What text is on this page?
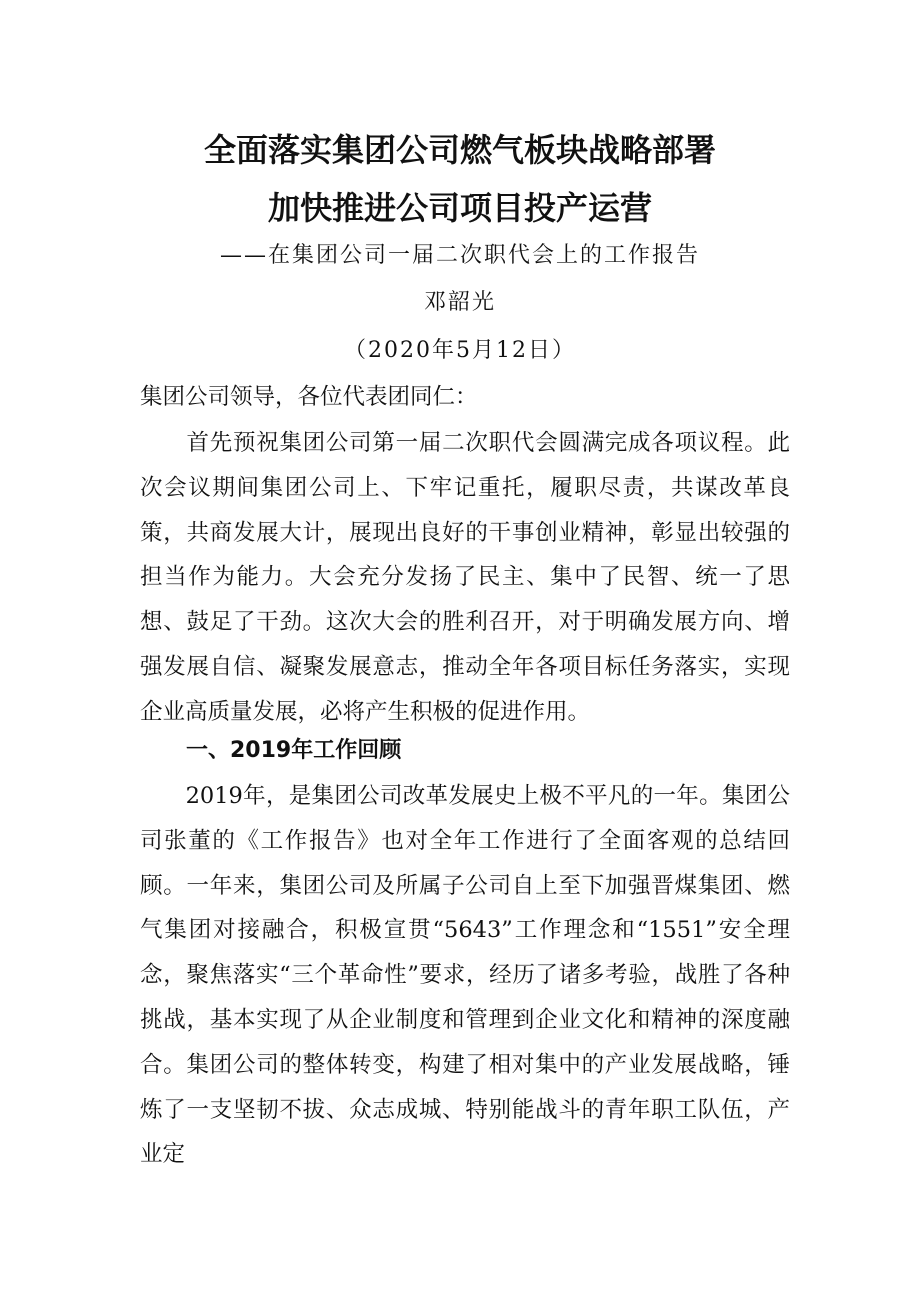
全面落实集团公司燃气板块战略部署
加快推进公司项目投产运营
——在集团公司一届二次职代会上的工作报告
邓韶光
（2020年5月12日）
集团公司领导，各位代表团同仁：
　　首先预祝集团公司第一届二次职代会圆满完成各项议程。此次会议期间集团公司上、下牢记重托，履职尽责，共谋改革良策，共商发展大计，展现出良好的干事创业精神，彰显出较强的担当作为能力。大会充分发扬了民主、集中了民智、统一了思想、鼓足了干劲。这次大会的胜利召开，对于明确发展方向、增强发展自信、凝聚发展意志，推动全年各项目标任务落实，实现企业高质量发展，必将产生积极的促进作用。
一、2019年工作回顾
　　2019年，是集团公司改革发展史上极不平凡的一年。集团公司张董的《工作报告》也对全年工作进行了全面客观的总结回顾。一年来，集团公司及所属子公司自上至下加强晋煤集团、燃气集团对接融合，积极宣贯“5643”工作理念和“1551”安全理念，聚焦落实“三个革命性”要求，经历了诸多考验，战胜了各种挑战，基本实现了从企业制度和管理到企业文化和精神的深度融合。集团公司的整体转变，构建了相对集中的产业发展战略，锤炼了一支坚韧不拔、众志成城、特别能战斗的青年职工队伍，产业定
